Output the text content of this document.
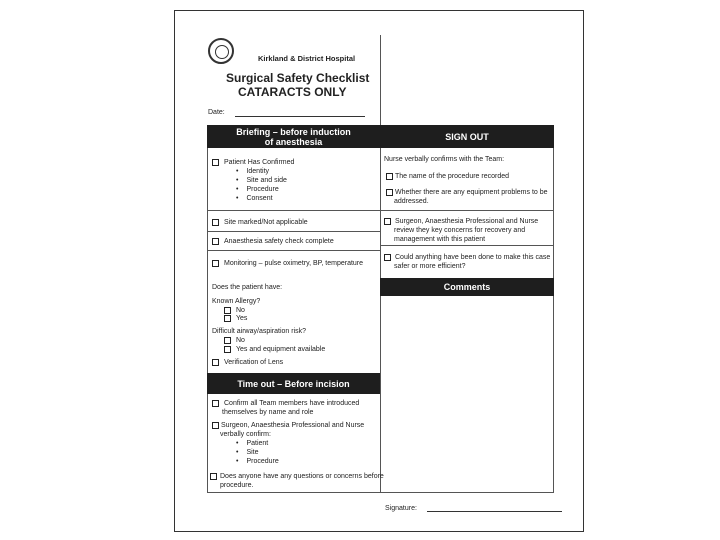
Kirkland & District Hospital
Surgical Safety Checklist
CATARACTS ONLY
Date:
Briefing – before induction of anesthesia	SIGN OUT
Patient Has Confirmed
• Identity
• Site and side
• Procedure
• Consent
Site marked/Not applicable
Anaesthesia safety check complete
Monitoring – pulse oximetry, BP, temperature
Does the patient have:
Known Allergy?
No
Yes
Difficult airway/aspiration risk?
No
Yes and equipment available
Verification of Lens
Time out – Before incision
Confirm all Team members have introduced themselves by name and role
Surgeon, Anaesthesia Professional and Nurse verbally confirm:
• Patient
• Site
• Procedure
Does anyone have any questions or concerns before procedure.
Nurse verbally confirms with the Team:
The name of the procedure recorded
Whether there are any equipment problems to be addressed.
Surgeon, Anaesthesia Professional and Nurse review they key concerns for recovery and management with this patient
Could anything have been done to make this case safer or more efficient?
Comments
Signature:
